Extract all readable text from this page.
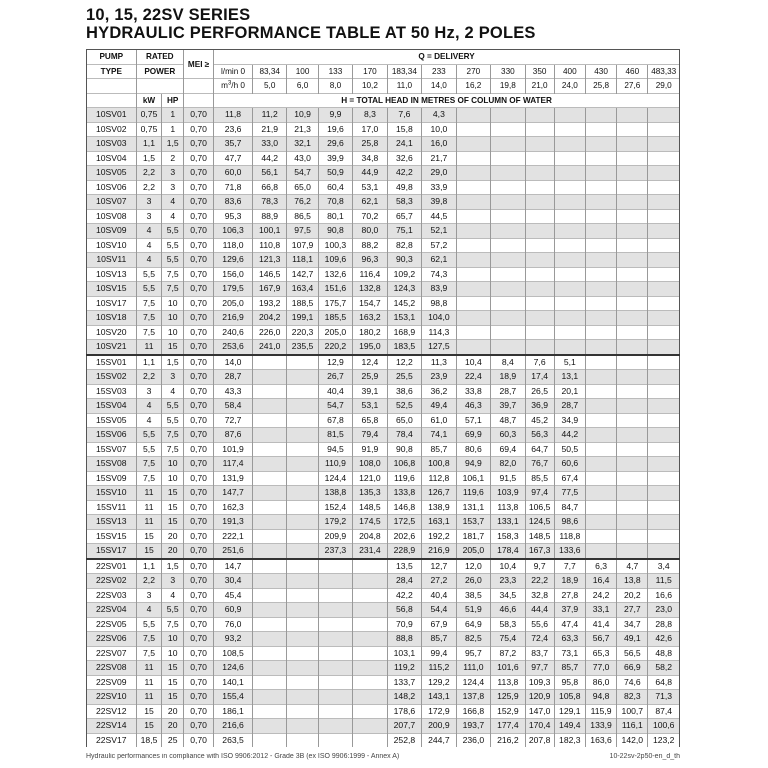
10, 15, 22SV SERIES
HYDRAULIC PERFORMANCE TABLE AT 50 Hz, 2 POLES
PUMP	RATED		MEI ≥	Q = DELIVERY													
TYPE	POWER			l/min 0	83,34	100	133	170	183,34	233	270	330	350	400	430	460	483,33
				$m^3/h$ 0	5,0	6,0	8,0	10,2	11,0	14,0	16,2	19,8	21,0	24,0	25,8	27,6	29,0
	kW	HP		H = TOTAL HEAD IN METRES OF COLUMN OF WATER													
10SV01	0,75	1	0,70	11,8	11,2	10,9	9,9	8,3	7,6	4,3							
10SV02	0,75	1	0,70	23,6	21,9	21,3	19,6	17,0	15,8	10,0							
10SV03	1,1	1,5	0,70	35,7	33,0	32,1	29,6	25,8	24,1	16,0							
10SV04	1,5	2	0,70	47,7	44,2	43,0	39,9	34,8	32,6	21,7							
10SV05	2,2	3	0,70	60,0	56,1	54,7	50,9	44,9	42,2	29,0							
10SV06	2,2	3	0,70	71,8	66,8	65,0	60,4	53,1	49,8	33,9							
10SV07	3	4	0,70	83,6	78,3	76,2	70,8	62,1	58,3	39,8							
10SV08	3	4	0,70	95,3	88,9	86,5	80,1	70,2	65,7	44,5							
10SV09	4	5,5	0,70	106,3	100,1	97,5	90,8	80,0	75,1	52,1							
10SV10	4	5,5	0,70	118,0	110,8	107,9	100,3	88,2	82,8	57,2							
10SV11	4	5,5	0,70	129,6	121,3	118,1	109,6	96,3	90,3	62,1							
10SV13	5,5	7,5	0,70	156,0	146,5	142,7	132,6	116,4	109,2	74,3							
10SV15	5,5	7,5	0,70	179,5	167,9	163,4	151,6	132,8	124,3	83,9							
10SV17	7,5	10	0,70	205,0	193,2	188,5	175,7	154,7	145,2	98,8							
10SV18	7,5	10	0,70	216,9	204,2	199,1	185,5	163,2	153,1	104,0							
10SV20	7,5	10	0,70	240,6	226,0	220,3	205,0	180,2	168,9	114,3							
10SV21	11	15	0,70	253,6	241,0	235,5	220,2	195,0	183,5	127,5							
15SV01	1,1	1,5	0,70	14,0			12,9	12,4	12,2	11,3	10,4	8,4	7,6	5,1			
15SV02	2,2	3	0,70	28,7			26,7	25,9	25,5	23,9	22,4	18,9	17,4	13,1			
15SV03	3	4	0,70	43,3			40,4	39,1	38,6	36,2	33,8	28,7	26,5	20,1			
15SV04	4	5,5	0,70	58,4			54,7	53,1	52,5	49,4	46,3	39,7	36,9	28,7			
15SV05	4	5,5	0,70	72,7			67,8	65,8	65,0	61,0	57,1	48,7	45,2	34,9			
15SV06	5,5	7,5	0,70	87,6			81,5	79,4	78,4	74,1	69,9	60,3	56,3	44,2			
15SV07	5,5	7,5	0,70	101,9			94,5	91,9	90,8	85,7	80,6	69,4	64,7	50,5			
15SV08	7,5	10	0,70	117,4			110,9	108,0	106,8	100,8	94,9	82,0	76,7	60,6			
15SV09	7,5	10	0,70	131,9			124,4	121,0	119,6	112,8	106,1	91,5	85,5	67,4			
15SV10	11	15	0,70	147,7			138,8	135,3	133,8	126,7	119,6	103,9	97,4	77,5			
15SV11	11	15	0,70	162,3			152,4	148,5	146,8	138,9	131,1	113,8	106,5	84,7			
15SV13	11	15	0,70	191,3			179,2	174,5	172,5	163,1	153,7	133,1	124,5	98,6			
15SV15	15	20	0,70	222,1			209,9	204,8	202,6	192,2	181,7	158,3	148,5	118,8			
15SV17	15	20	0,70	251,6			237,3	231,4	228,9	216,9	205,0	178,4	167,3	133,6			
22SV01	1,1	1,5	0,70	14,7					13,5	12,7	12,0	10,4	9,7	7,7	6,3	4,7	3,4
22SV02	2,2	3	0,70	30,4					28,4	27,2	26,0	23,3	22,2	18,9	16,4	13,8	11,5
22SV03	3	4	0,70	45,4					42,2	40,4	38,5	34,5	32,8	27,8	24,2	20,2	16,6
22SV04	4	5,5	0,70	60,9					56,8	54,4	51,9	46,6	44,4	37,9	33,1	27,7	23,0
22SV05	5,5	7,5	0,70	76,0					70,9	67,9	64,9	58,3	55,6	47,4	41,4	34,7	28,8
22SV06	7,5	10	0,70	93,2					88,8	85,7	82,5	75,4	72,4	63,3	56,7	49,1	42,6
22SV07	7,5	10	0,70	108,5					103,1	99,4	95,7	87,2	83,7	73,1	65,3	56,5	48,8
22SV08	11	15	0,70	124,6					119,2	115,2	111,0	101,6	97,7	85,7	77,0	66,9	58,2
22SV09	11	15	0,70	140,1					133,7	129,2	124,4	113,8	109,3	95,8	86,0	74,6	64,8
22SV10	11	15	0,70	155,4					148,2	143,1	137,8	125,9	120,9	105,8	94,8	82,3	71,3
22SV12	15	20	0,70	186,1					178,6	172,9	166,8	152,9	147,0	129,1	115,9	100,7	87,4
22SV14	15	20	0,70	216,6					207,7	200,9	193,7	177,4	170,4	149,4	133,9	116,1	100,6
22SV17	18,5	25	0,70	263,5					252,8	244,7	236,0	216,2	207,8	182,3	163,6	142,0	123,2
Hydraulic performances in compliance with ISO 9906:2012 - Grade 3B (ex ISO 9906:1999 - Annex A)	10-22sv-2p50-en_d_th
